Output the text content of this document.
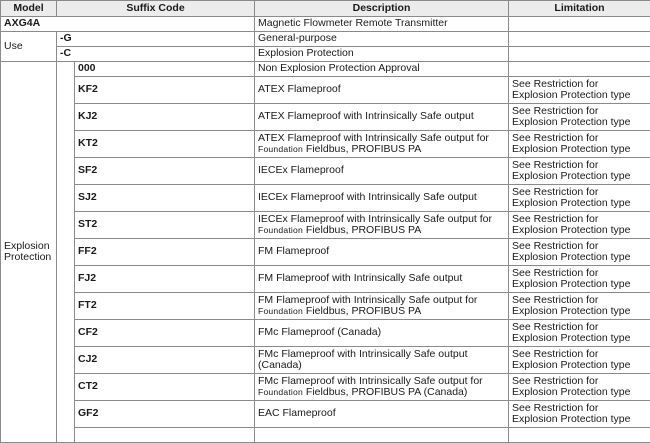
Model	Suffix Code		Description	Limitation
AXG4A			Magnetic Flowmeter Remote Transmitter	
Use	-G		General-purpose	
	-C		Explosion Protection	
Explosion
Protection		000	Non Explosion Protection Approval	
		KF2	ATEX Flameproof	See Restriction for
Explosion Protection type
		KJ2	ATEX Flameproof with Intrinsically Safe output	See Restriction for
Explosion Protection type
		KT2	ATEX Flameproof with Intrinsically Safe output for
Foundation Fieldbus, PROFIBUS PA	See Restriction for
Explosion Protection type
		SF2	IECEx Flameproof	See Restriction for
Explosion Protection type
		SJ2	IECEx Flameproof with Intrinsically Safe output	See Restriction for
Explosion Protection type
		ST2	IECEx Flameproof with Intrinsically Safe output for
Foundation Fieldbus, PROFIBUS PA	See Restriction for
Explosion Protection type
		FF2	FM Flameproof	See Restriction for
Explosion Protection type
		FJ2	FM Flameproof with Intrinsically Safe output	See Restriction for
Explosion Protection type
		FT2	FM Flameproof with Intrinsically Safe output for
Foundation Fieldbus, PROFIBUS PA	See Restriction for
Explosion Protection type
		CF2	FMc Flameproof (Canada)	See Restriction for
Explosion Protection type
		CJ2	FMc Flameproof with Intrinsically Safe output
(Canada)	See Restriction for
Explosion Protection type
		CT2	FMc Flameproof with Intrinsically Safe output for
Foundation Fieldbus, PROFIBUS PA (Canada)	See Restriction for
Explosion Protection type
		GF2	EAC Flameproof	See Restriction for
Explosion Protection type
